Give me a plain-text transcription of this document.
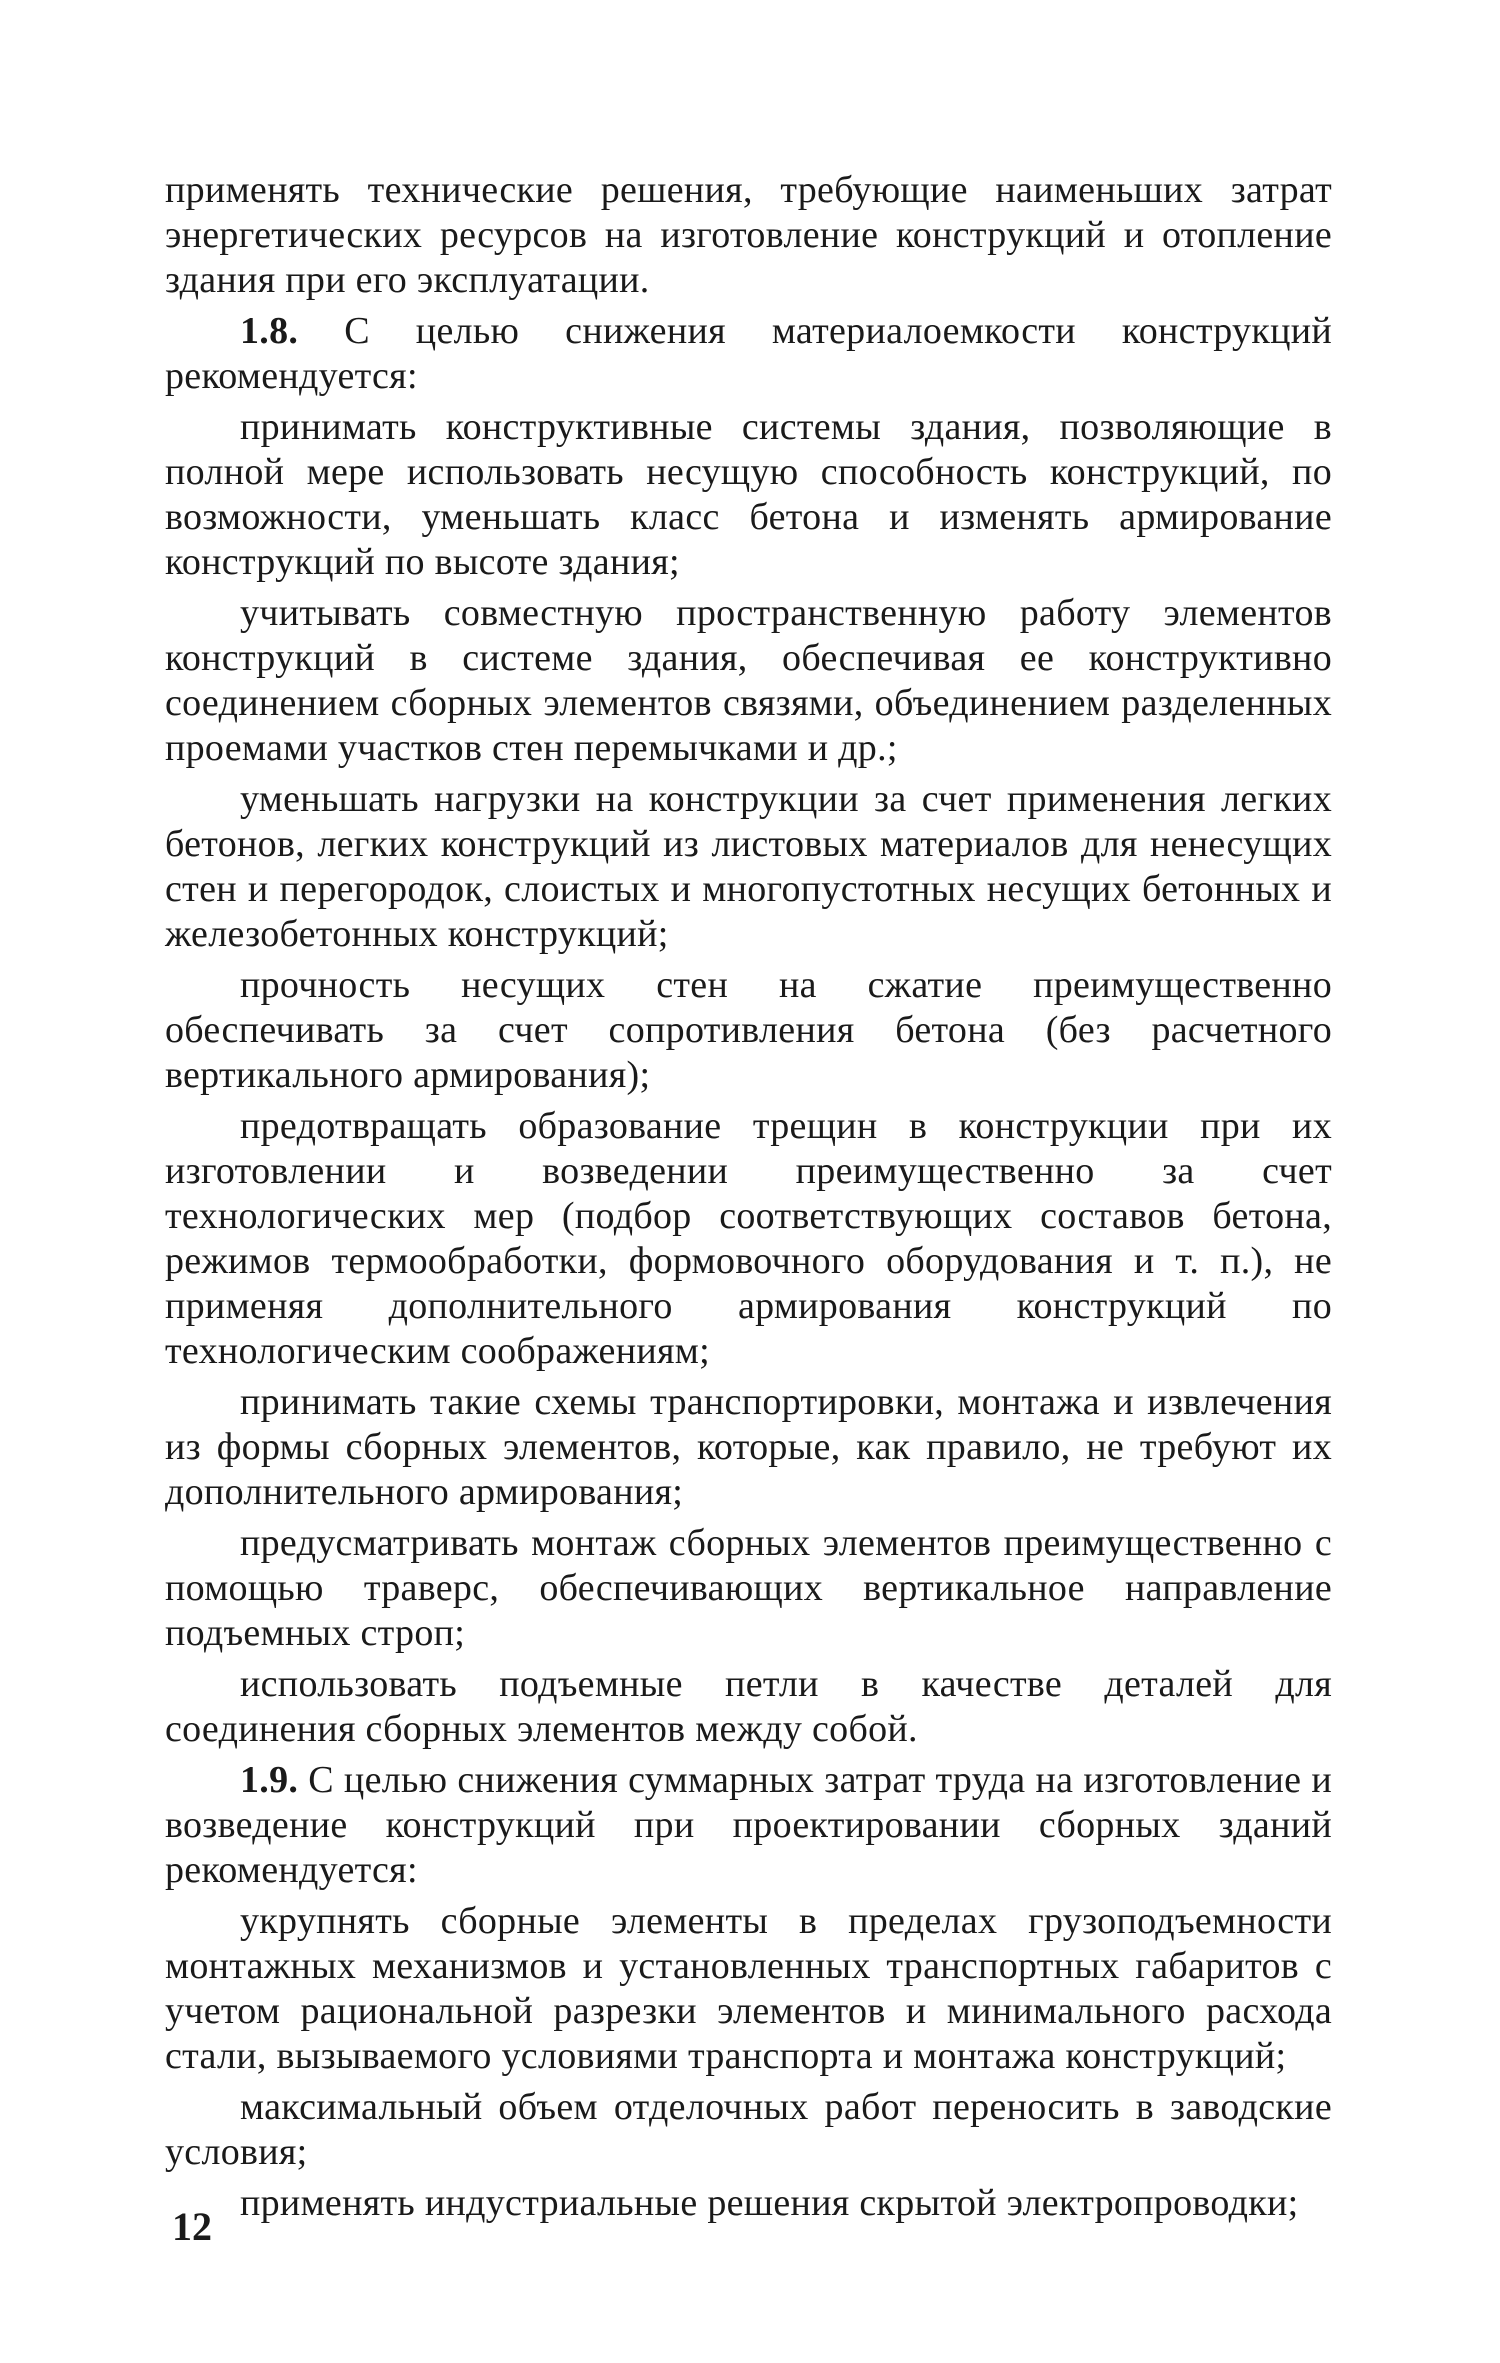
применять технические решения, требующие наименьших затрат энергетических ресурсов на изготовление конструкций и отопление здания при его эксплуатации.

1.8. С целью снижения материалоемкости конструкций рекомендуется:

принимать конструктивные системы здания, позволяющие в полной мере использовать несущую способность конструкций, по возможности, уменьшать класс бетона и изменять армирование конструкций по высоте здания;

учитывать совместную пространственную работу элементов конструкций в системе здания, обеспечивая ее конструктивно соединением сборных элементов связями, объединением разделенных проемами участков стен перемычками и др.;

уменьшать нагрузки на конструкции за счет применения легких бетонов, легких конструкций из листовых материалов для ненесущих стен и перегородок, слоистых и многопустотных несущих бетонных и железобетонных конструкций;

прочность несущих стен на сжатие преимущественно обеспечивать за счет сопротивления бетона (без расчетного вертикального армирования);

предотвращать образование трещин в конструкции при их изготовлении и возведении преимущественно за счет технологических мер (подбор соответствующих составов бетона, режимов термообработки, формовочного оборудования и т. п.), не применяя дополнительного армирования конструкций по технологическим соображениям;

принимать такие схемы транспортировки, монтажа и извлечения из формы сборных элементов, которые, как правило, не требуют их дополнительного армирования;

предусматривать монтаж сборных элементов преимущественно с помощью траверс, обеспечивающих вертикальное направление подъемных строп;

использовать подъемные петли в качестве деталей для соединения сборных элементов между собой.

1.9. С целью снижения суммарных затрат труда на изготовление и возведение конструкций при проектировании сборных зданий рекомендуется:

укрупнять сборные элементы в пределах грузоподъемности монтажных механизмов и установленных транспортных габаритов с учетом рациональной разрезки элементов и минимального расхода стали, вызываемого условиями транспорта и монтажа конструкций;

максимальный объем отделочных работ переносить в заводские условия;

применять индустриальные решения скрытой электропроводки;

12
